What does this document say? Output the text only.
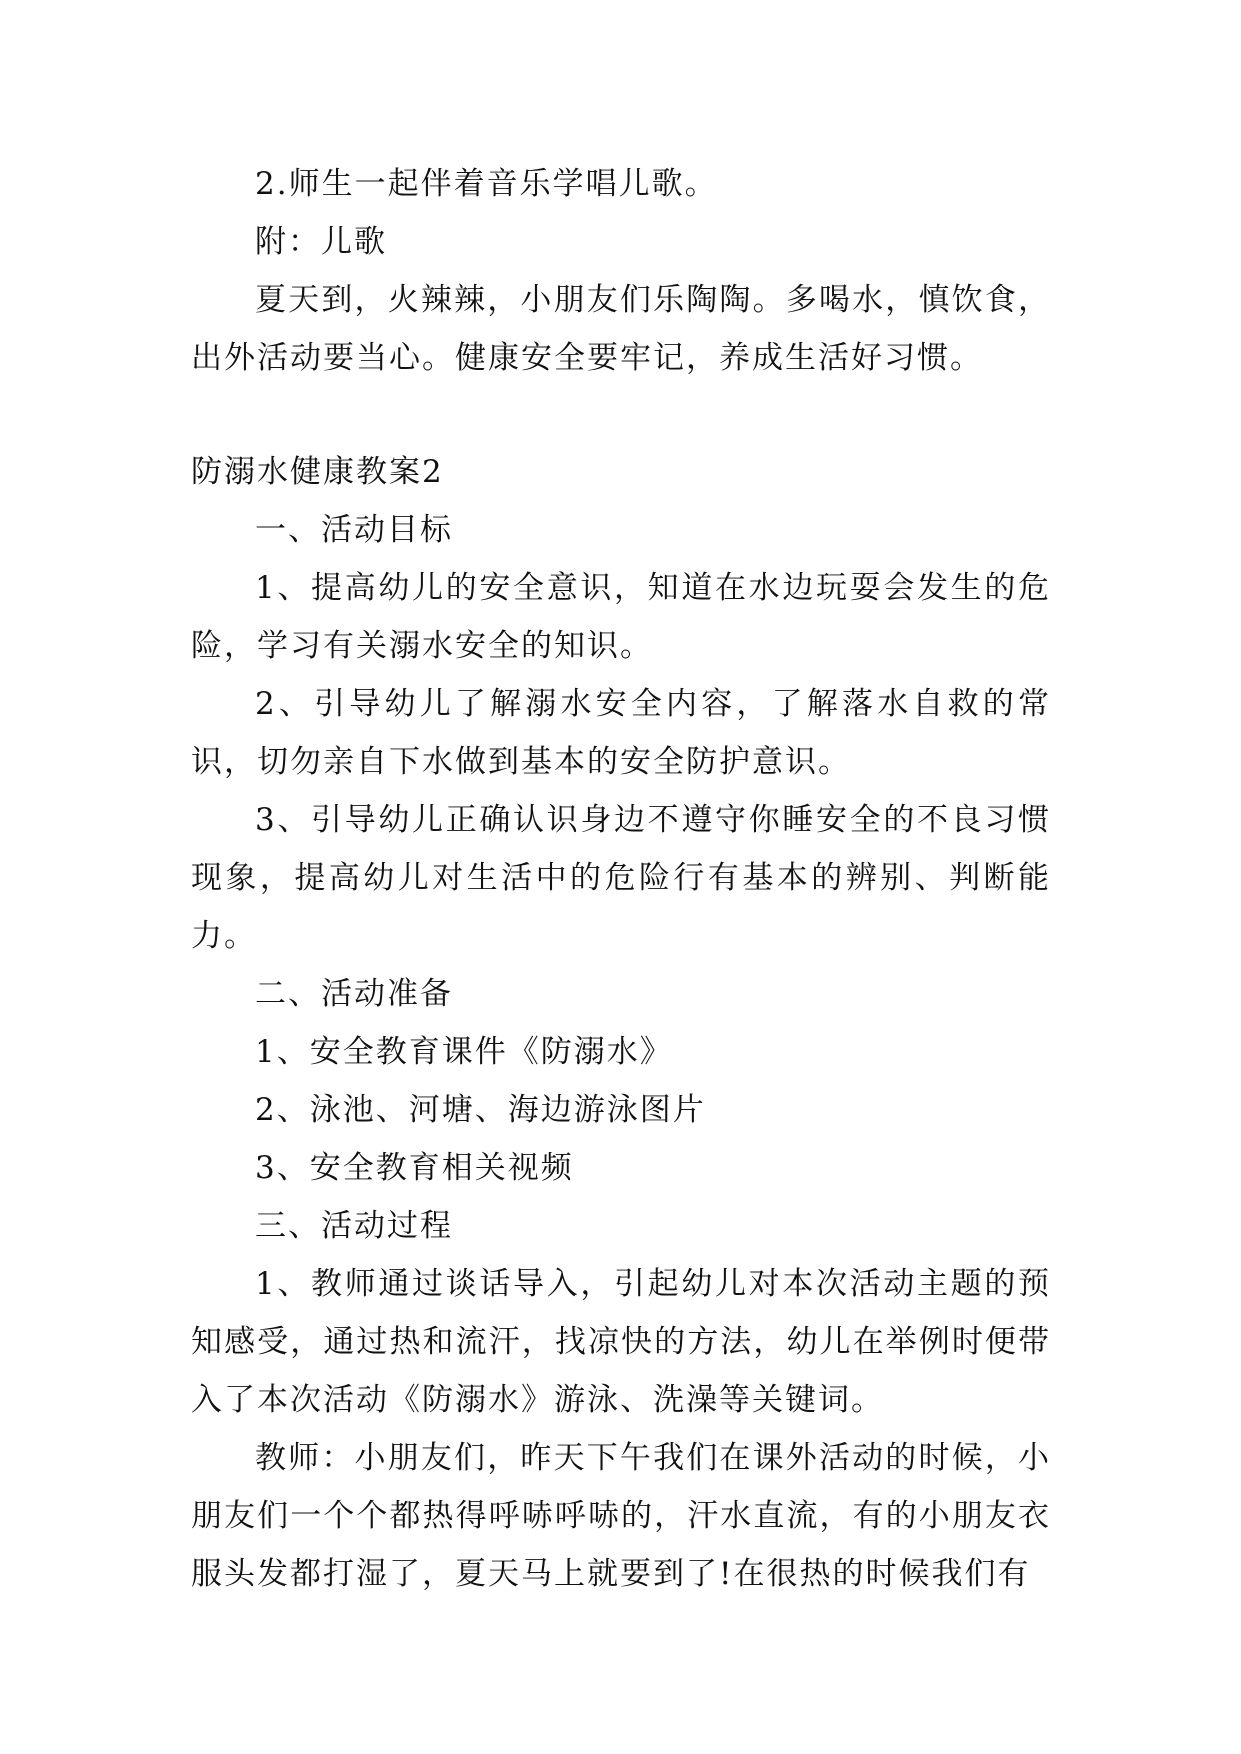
2.师生一起伴着音乐学唱儿歌。

附：儿歌

夏天到，火辣辣，小朋友们乐陶陶。多喝水，慎饮食，出外活动要当心。健康安全要牢记，养成生活好习惯。

防溺水健康教案2

一、活动目标

1、提高幼儿的安全意识，知道在水边玩耍会发生的危险，学习有关溺水安全的知识。

2、引导幼儿了解溺水安全内容，了解落水自救的常识，切勿亲自下水做到基本的安全防护意识。

3、引导幼儿正确认识身边不遵守你睡安全的不良习惯现象，提高幼儿对生活中的危险行有基本的辨别、判断能力。

二、活动准备

1、安全教育课件《防溺水》

2、泳池、河塘、海边游泳图片

3、安全教育相关视频

三、活动过程

1、教师通过谈话导入，引起幼儿对本次活动主题的预知感受，通过热和流汗，找凉快的方法，幼儿在举例时便带入了本次活动《防溺水》游泳、洗澡等关键词。

教师：小朋友们，昨天下午我们在课外活动的时候，小朋友们一个个都热得呼哧呼哧的，汗水直流，有的小朋友衣服头发都打湿了，夏天马上就要到了!在很热的时候我们有
